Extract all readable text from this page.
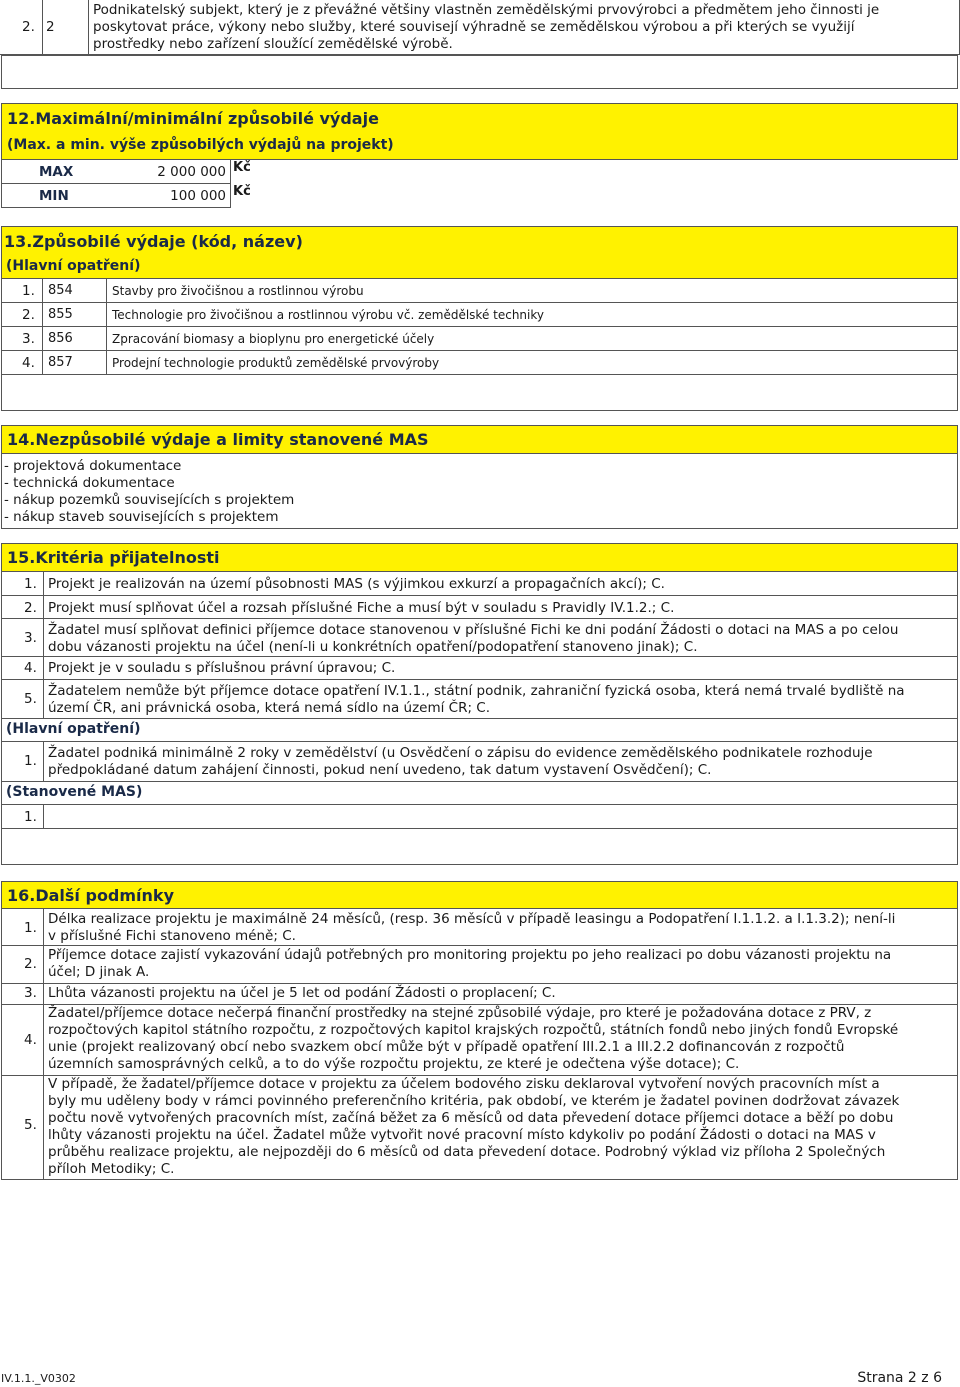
2. 2
Podnikatelský subjekt, který je z převážné většiny vlastněn zemědělskými prvovýrobci a předmětem jeho činnosti je
poskytovat práce, výkony nebo služby, které souvisejí výhradně se zemědělskou výrobou a při kterých se využijí
prostředky nebo zařízení sloužící zemědělské výrobě.
12.Maximální/minimální způsobilé výdaje
(Max. a min. výše způsobilých výdajů na projekt)
MAX	2 000 000 Kč
MIN	100 000 Kč
13.Způsobilé výdaje (kód, název)
(Hlavní opatření)
1. 854	Stavby pro živočišnou a rostlinnou výrobu
2. 855	Technologie pro živočišnou a rostlinnou výrobu vč. zemědělské techniky
3. 856	Zpracování biomasy a bioplynu pro energetické účely
4. 857	Prodejní technologie produktů zemědělské prvovýroby
14.Nezpůsobilé výdaje a limity stanovené MAS
- projektová dokumentace
- technická dokumentace
- nákup pozemků souvisejících s projektem
- nákup staveb souvisejících s projektem
15.Kritéria přijatelnosti
1. Projekt je realizován na území působnosti MAS (s výjimkou exkurzí a propagačních akcí); C.
2. Projekt musí splňovat účel a rozsah příslušné Fiche a musí být v souladu s Pravidly IV.1.2.; C.
3. Žadatel musí splňovat definici příjemce dotace stanovenou v příslušné Fichi ke dni podání Žádosti o dotaci na MAS a po celou
dobu vázanosti projektu na účel (není-li u konkrétních opatření/podopatření stanoveno jinak); C.
4. Projekt je v souladu s příslušnou právní úpravou; C.
5. Žadatelem nemůže být příjemce dotace opatření IV.1.1., státní podnik, zahraniční fyzická osoba, která nemá trvalé bydliště na
území ČR, ani právnická osoba, která nemá sídlo na území ČR; C.
(Hlavní opatření)
1. Žadatel podniká minimálně 2 roky v zemědělství (u Osvědčení o zápisu do evidence zemědělského podnikatele rozhoduje
předpokládané datum zahájení činnosti, pokud není uvedeno, tak datum vystavení Osvědčení); C.
(Stanovené MAS)
1.
16.Další podmínky
1.
Délka realizace projektu je maximálně 24 měsíců, (resp. 36 měsíců v případě leasingu a Podopatření I.1.1.2. a I.1.3.2); není-li
v příslušné Fichi stanoveno méně; C.
2.
Příjemce dotace zajistí vykazování údajů potřebných pro monitoring projektu po jeho realizaci po dobu vázanosti projektu na
účel; D jinak A.
3. Lhůta vázanosti projektu na účel je 5 let od podání Žádosti o proplacení; C.
4.
Žadatel/příjemce dotace nečerpá finanční prostředky na stejné způsobilé výdaje, pro které je požadována dotace z PRV, z
rozpočtových kapitol státního rozpočtu, z rozpočtových kapitol krajských rozpočtů, státních fondů nebo jiných fondů Evropské
unie (projekt realizovaný obcí nebo svazkem obcí může být v případě opatření III.2.1 a III.2.2 dofinancován z rozpočtů
územních samosprávných celků, a to do výše rozpočtu projektu, ze které je odečtena výše dotace); C.
5.
V případě, že žadatel/příjemce dotace v projektu za účelem bodového zisku deklaroval vytvoření nových pracovních míst a
byly mu uděleny body v rámci povinného preferenčního kritéria, pak období, ve kterém je žadatel povinen dodržovat závazek
počtu nově vytvořených pracovních míst, začíná běžet za 6 měsíců od data převedení dotace příjemci dotace a běží po dobu
lhůty vázanosti projektu na účel. Žadatel může vytvořit nové pracovní místo kdykoliv po podání Žádosti o dotaci na MAS v
průběhu realizace projektu, ale nejpozději do 6 měsíců od data převedení dotace. Podrobný výklad viz příloha 2 Společných
příloh Metodiky; C.
IV.1.1._V0302	Strana 2 z 6
